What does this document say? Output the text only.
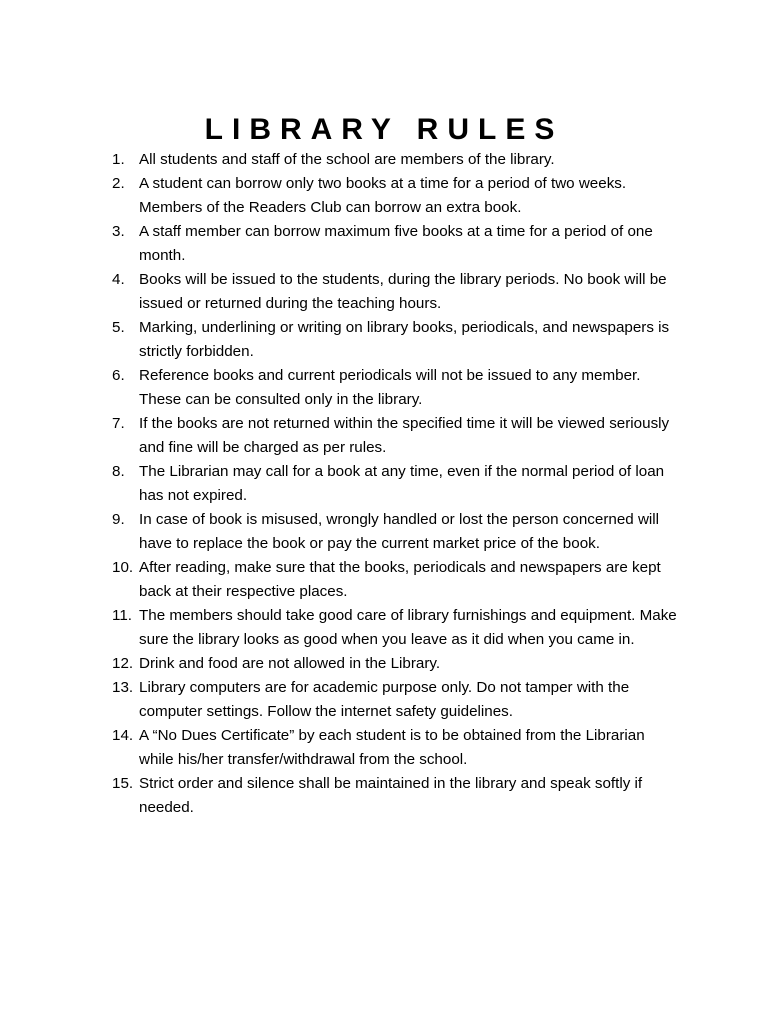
LIBRARY RULES
1. All students and staff of the school are members of the library.
2. A student can borrow only two books at a time for a period of two weeks. Members of the Readers Club can borrow an extra book.
3. A staff member can borrow maximum five books at a time for a period of one month.
4. Books will be issued to the students, during the library periods. No book will be issued or returned during the teaching hours.
5. Marking, underlining or writing on library books, periodicals, and newspapers is strictly forbidden.
6. Reference books and current periodicals will not be issued to any member. These can be consulted only in the library.
7. If the books are not returned within the specified time it will be viewed seriously and fine will be charged as per rules.
8. The Librarian may call for a book at any time, even if the normal period of loan has not expired.
9. In case of book is misused, wrongly handled or lost the person concerned will have to replace the book or pay the current market price of the book.
10. After reading, make sure that the books, periodicals and newspapers are kept back at their respective places.
11. The members should take good care of library furnishings and equipment. Make sure the library looks as good when you leave as it did when you came in.
12. Drink and food are not allowed in the Library.
13. Library computers are for academic purpose only. Do not tamper with the computer settings. Follow the internet safety guidelines.
14. A “No Dues Certificate” by each student is to be obtained from the Librarian while his/her transfer/withdrawal from the school.
15. Strict order and silence shall be maintained in the library and speak softly if needed.
